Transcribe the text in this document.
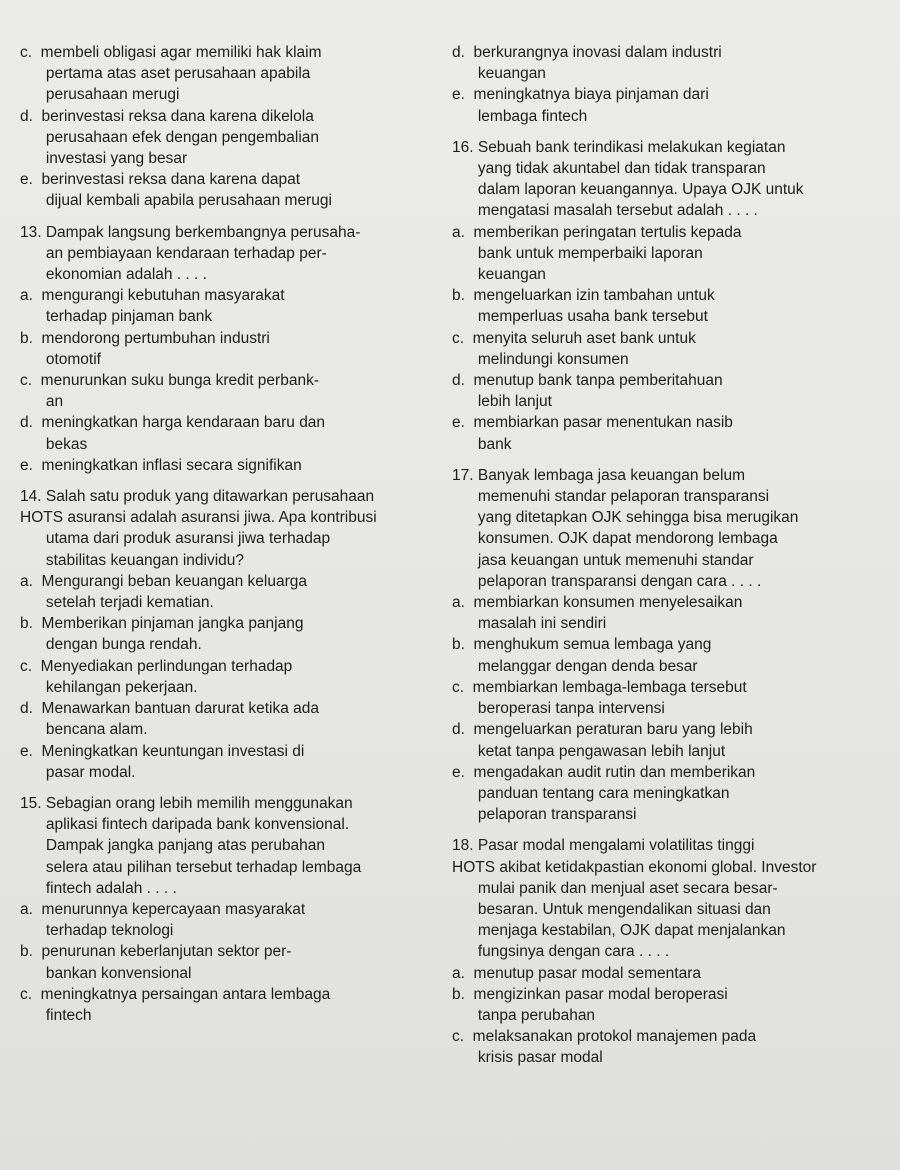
c.  membeli obligasi agar memiliki hak klaim
pertama atas aset perusahaan apabila
perusahaan merugi
d.  berinvestasi reksa dana karena dikelola
perusahaan efek dengan pengembalian
investasi yang besar
e.  berinvestasi reksa dana karena dapat
dijual kembali apabila perusahaan merugi
13. Dampak langsung berkembangnya perusaha-
an pembiayaan kendaraan terhadap per-
ekonomian adalah . . . .
a.  mengurangi kebutuhan masyarakat
terhadap pinjaman bank
b.  mendorong pertumbuhan industri
otomotif
c.  menurunkan suku bunga kredit perbank-
an
d.  meningkatkan harga kendaraan baru dan
bekas
e.  meningkatkan inflasi secara signifikan
14. Salah satu produk yang ditawarkan perusahaan
HOTS asuransi adalah asuransi jiwa. Apa kontribusi
utama dari produk asuransi jiwa terhadap
stabilitas keuangan individu?
a.  Mengurangi beban keuangan keluarga
setelah terjadi kematian.
b.  Memberikan pinjaman jangka panjang
dengan bunga rendah.
c.  Menyediakan perlindungan terhadap
kehilangan pekerjaan.
d.  Menawarkan bantuan darurat ketika ada
bencana alam.
e.  Meningkatkan keuntungan investasi di
pasar modal.
15. Sebagian orang lebih memilih menggunakan
aplikasi fintech daripada bank konvensional.
Dampak jangka panjang atas perubahan
selera atau pilihan tersebut terhadap lembaga
fintech adalah . . . .
a.  menurunnya kepercayaan masyarakat
terhadap teknologi
b.  penurunan keberlanjutan sektor per-
bankan konvensional
c.  meningkatnya persaingan antara lembaga
fintech
d.  berkurangnya inovasi dalam industri
keuangan
e.  meningkatnya biaya pinjaman dari
lembaga fintech
16. Sebuah bank terindikasi melakukan kegiatan
yang tidak akuntabel dan tidak transparan
dalam laporan keuangannya. Upaya OJK untuk
mengatasi masalah tersebut adalah . . . .
a.  memberikan peringatan tertulis kepada
bank untuk memperbaiki laporan
keuangan
b.  mengeluarkan izin tambahan untuk
memperluas usaha bank tersebut
c.  menyita seluruh aset bank untuk
melindungi konsumen
d.  menutup bank tanpa pemberitahuan
lebih lanjut
e.  membiarkan pasar menentukan nasib
bank
17. Banyak lembaga jasa keuangan belum
memenuhi standar pelaporan transparansi
yang ditetapkan OJK sehingga bisa merugikan
konsumen. OJK dapat mendorong lembaga
jasa keuangan untuk memenuhi standar
pelaporan transparansi dengan cara . . . .
a.  membiarkan konsumen menyelesaikan
masalah ini sendiri
b.  menghukum semua lembaga yang
melanggar dengan denda besar
c.  membiarkan lembaga-lembaga tersebut
beroperasi tanpa intervensi
d.  mengeluarkan peraturan baru yang lebih
ketat tanpa pengawasan lebih lanjut
e.  mengadakan audit rutin dan memberikan
panduan tentang cara meningkatkan
pelaporan transparansi
18. Pasar modal mengalami volatilitas tinggi
HOTS akibat ketidakpastian ekonomi global. Investor
mulai panik dan menjual aset secara besar-
besaran. Untuk mengendalikan situasi dan
menjaga kestabilan, OJK dapat menjalankan
fungsinya dengan cara . . . .
a.  menutup pasar modal sementara
b.  mengizinkan pasar modal beroperasi
tanpa perubahan
c.  melaksanakan protokol manajemen pada
krisis pasar modal
